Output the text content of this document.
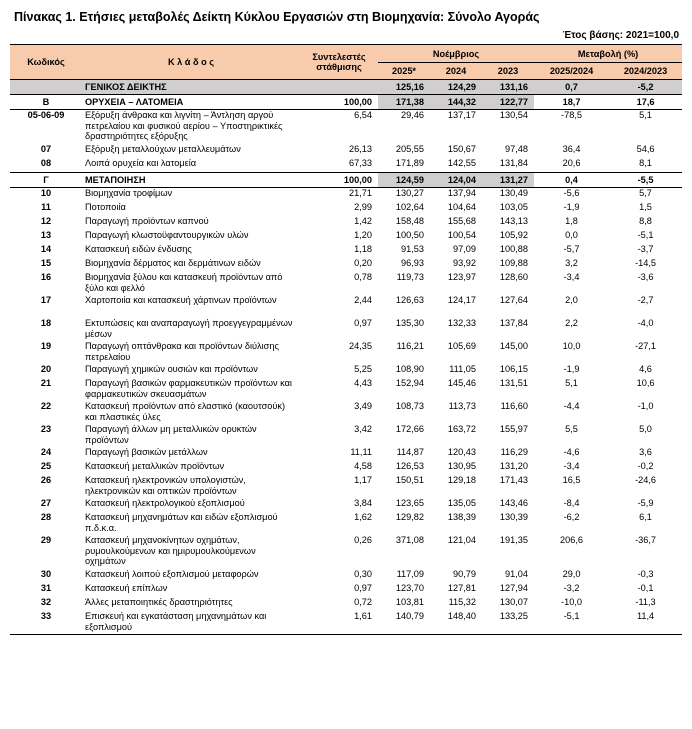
Πίνακας 1. Ετήσιες μεταβολές Δείκτη Κύκλου Εργασιών στη Βιομηχανία: Σύνολο Αγοράς
Έτος βάσης: 2021=100,0
Κωδικός	Κ λ ά δ ο ς	Συντελεστές στάθμισης	Νοέμβριος			Μεταβολή (%)	
			2025*	2024	2023	2025/2024	2024/2023
	ΓΕΝΙΚΟΣ ΔΕΙΚΤΗΣ		125,16	124,29	131,16	0,7	-5,2
B	ΟΡΥΧΕΙΑ – ΛΑΤΟΜΕΙΑ	100,00	171,38	144,32	122,77	18,7	17,6
05-06-09	Εξόρυξη άνθρακα και λιγνίτη – Άντληση αργού πετρελαίου και φυσικού αερίου – Υποστηρικτικές δραστηριότητες εξόρυξης	6,54	29,46	137,17	130,54	-78,5	5,1
07	Εξόρυξη μεταλλούχων μεταλλευμάτων	26,13	205,55	150,67	97,48	36,4	54,6
08	Λοιπά ορυχεία και λατομεία	67,33	171,89	142,55	131,84	20,6	8,1
Γ	ΜΕΤΑΠΟΙΗΣΗ	100,00	124,59	124,04	131,27	0,4	-5,5
10	Βιομηχανία τροφίμων	21,71	130,27	137,94	130,49	-5,6	5,7
11	Ποτοποιία	2,99	102,64	104,64	103,05	-1,9	1,5
12	Παραγωγή προϊόντων καπνού	1,42	158,48	155,68	143,13	1,8	8,8
13	Παραγωγή κλωστοϋφαντουργικών υλών	1,20	100,50	100,54	105,92	0,0	-5,1
14	Κατασκευή ειδών ένδυσης	1,18	91,53	97,09	100,88	-5,7	-3,7
15	Βιομηχανία δέρματος και δερμάτινων ειδών	0,20	96,93	93,92	109,88	3,2	-14,5
16	Βιομηχανία ξύλου και κατασκευή προϊόντων από ξύλο και φελλό	0,78	119,73	123,97	128,60	-3,4	-3,6
17	Χαρτοποιία και κατασκευή χάρτινων προϊόντων	2,44	126,63	124,17	127,64	2,0	-2,7
18	Εκτυπώσεις και αναπαραγωγή προεγγεγραμμένων μέσων	0,97	135,30	132,33	137,84	2,2	-4,0
19	Παραγωγή οπτάνθρακα και προϊόντων διύλισης πετρελαίου	24,35	116,21	105,69	145,00	10,0	-27,1
20	Παραγωγή χημικών ουσιών και προϊόντων	5,25	108,90	111,05	106,15	-1,9	4,6
21	Παραγωγή βασικών φαρμακευτικών προϊόντων και φαρμακευτικών σκευασμάτων	4,43	152,94	145,46	131,51	5,1	10,6
22	Κατασκευή προϊόντων από ελαστικό (καουτσούκ) και πλαστικές ύλες	3,49	108,73	113,73	116,60	-4,4	-1,0
23	Παραγωγή άλλων μη μεταλλικών ορυκτών προϊόντων	3,42	172,66	163,72	155,97	5,5	5,0
24	Παραγωγή βασικών μετάλλων	11,11	114,87	120,43	116,29	-4,6	3,6
25	Κατασκευή μεταλλικών προϊόντων	4,58	126,53	130,95	131,20	-3,4	-0,2
26	Κατασκευή ηλεκτρονικών υπολογιστών, ηλεκτρονικών και οπτικών προϊόντων	1,17	150,51	129,18	171,43	16,5	-24,6
27	Κατασκευή ηλεκτρολογικού εξοπλισμού	3,84	123,65	135,05	143,46	-8,4	-5,9
28	Κατασκευή μηχανημάτων και ειδών εξοπλισμού π.δ.κ.α.	1,62	129,82	138,39	130,39	-6,2	6,1
29	Κατασκευή μηχανοκίνητων οχημάτων, ρυμουλκούμενων και ημιρυμουλκούμενων οχημάτων	0,26	371,08	121,04	191,35	206,6	-36,7
30	Κατασκευή λοιπού εξοπλισμού μεταφορών	0,30	117,09	90,79	91,04	29,0	-0,3
31	Κατασκευή επίπλων	0,97	123,70	127,81	127,94	-3,2	-0,1
32	Άλλες μεταποιητικές δραστηριότητες	0,72	103,81	115,32	130,07	-10,0	-11,3
33	Επισκευή και εγκατάσταση μηχανημάτων και εξοπλισμού	1,61	140,79	148,40	133,25	-5,1	11,4
